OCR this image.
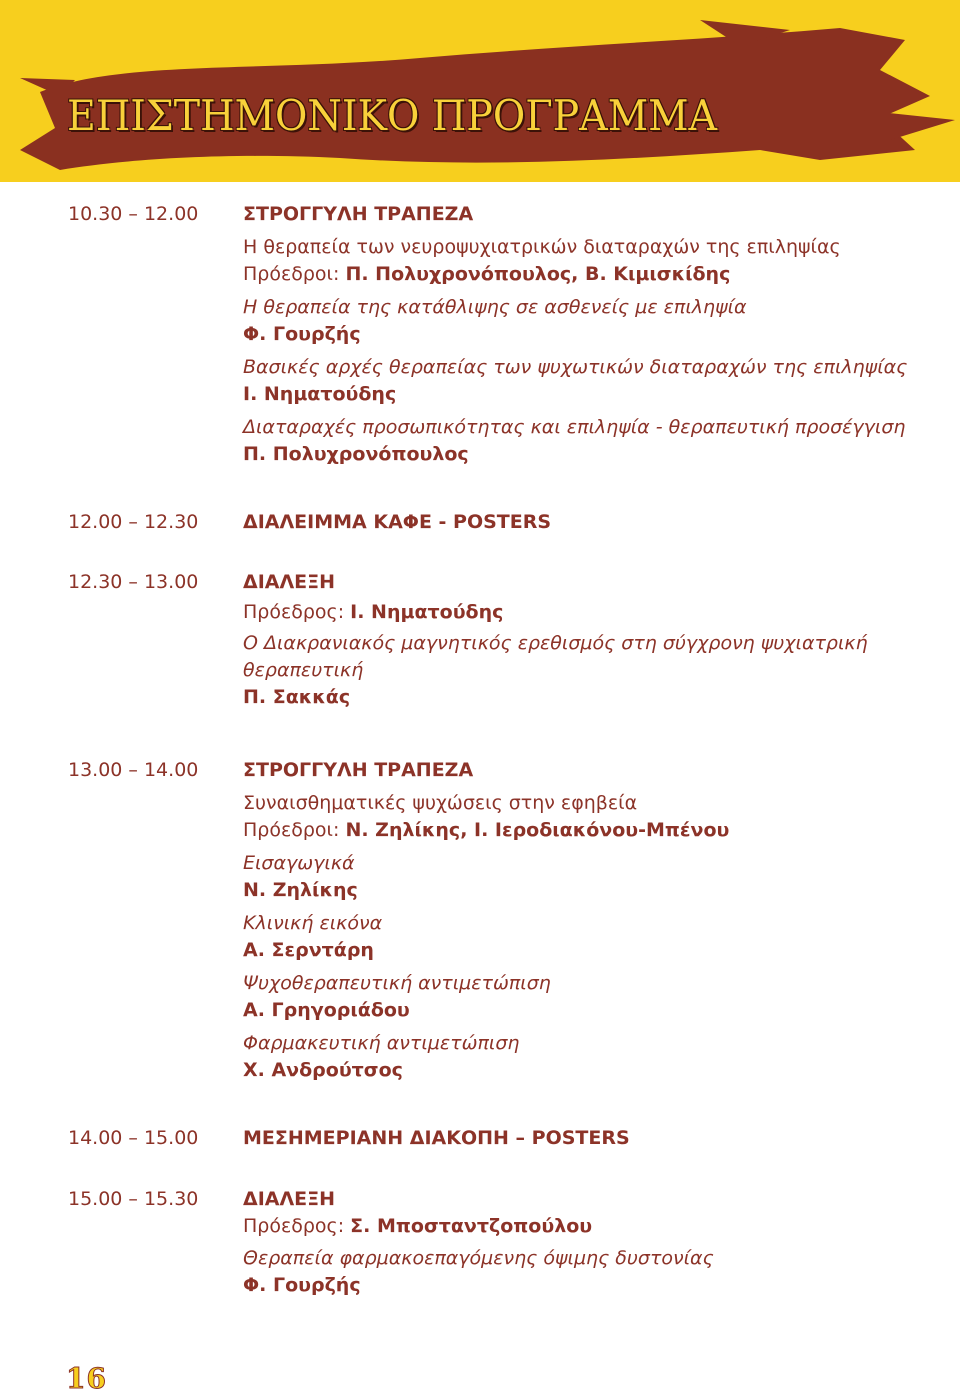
ΕΠΙΣΤΗΜΟΝΙΚΟ ΠΡΟΓΡΑΜΜΑ
10.30 – 12.00 ΣΤΡΟΓΓΥΛΗ ΤΡΑΠΕΖΑ
Η θεραπεία των νευροψυχιατρικών διαταραχών της επιληψίας
Πρόεδροι: Π. Πολυχρονόπουλος, Β. Κιμισκίδης
Η θεραπεία της κατάθλιψης σε ασθενείς με επιληψία
Φ. Γουρζής
Βασικές αρχές θεραπείας των ψυχωτικών διαταραχών της επιληψίας
Ι. Νηματούδης
Διαταραχές προσωπικότητας και επιληψία - θεραπευτική προσέγγιση
Π. Πολυχρονόπουλος
12.00 – 12.30 ΔΙΑΛΕΙΜΜΑ ΚΑΦΕ - POSTERS
12.30 – 13.00 ΔΙΑΛΕΞΗ
Πρόεδρος: Ι. Νηματούδης
Ο Διακρανιακός μαγνητικός ερεθισμός στη σύγχρονη ψυχιατρική
θεραπευτική
Π. Σακκάς
13.00 – 14.00 ΣΤΡΟΓΓΥΛΗ ΤΡΑΠΕΖΑ
Συναισθηματικές ψυχώσεις στην εφηβεία
Πρόεδροι: Ν. Ζηλίκης, Ι. Ιεροδιακόνου-Μπένου
Εισαγωγικά
Ν. Ζηλίκης
Κλινική εικόνα
Α. Σερντάρη
Ψυχοθεραπευτική αντιμετώπιση
Α. Γρηγοριάδου
Φαρμακευτική αντιμετώπιση
Χ. Ανδρούτσος
14.00 – 15.00 ΜΕΣΗΜΕΡΙΑΝΗ ΔΙΑΚΟΠΗ – POSTERS
15.00 – 15.30 ΔΙΑΛΕΞΗ
Πρόεδρος: Σ. Μποσταντζοπούλου
Θεραπεία φαρμακοεπαγόμενης όψιμης δυστονίας
Φ. Γουρζής
16
